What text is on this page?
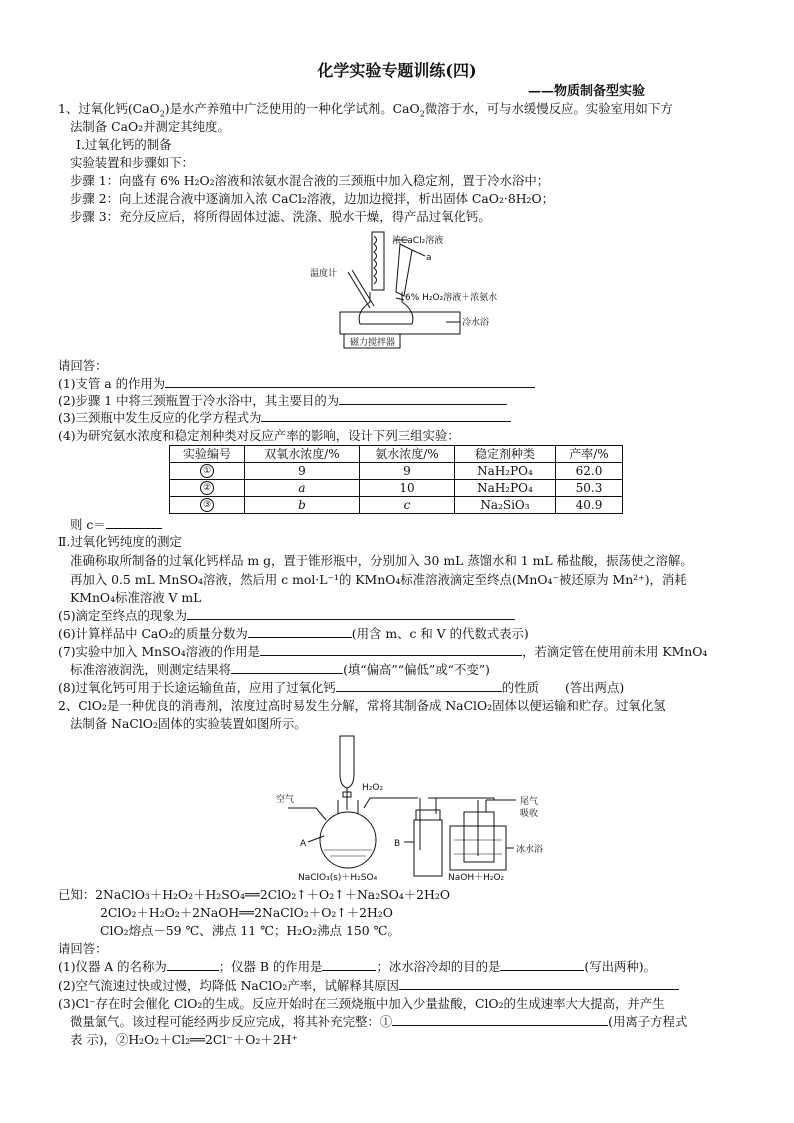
化学实验专题训练(四)
——物质制备型实验
1、过氧化钙(CaO$_2$)是水产养殖中广泛使用的一种化学试剂。CaO$_2$微溶于水，可与水缓慢反应。实验室用如下方
法制备 CaO₂并测定其纯度。
Ⅰ.过氧化钙的制备
实验装置和步骤如下：
步骤 1：向盛有 6% H₂O₂溶液和浓氨水混合液的三颈瓶中加入稳定剂，置于冷水浴中；
步骤 2：向上述混合液中逐滴加入浓 CaCl₂溶液，边加边搅拌，析出固体 CaO₂·8H₂O；
步骤 3：充分反应后，将所得固体过滤、洗涤、脱水干燥，得产品过氧化钙。
浓CaCl₂溶液
a
温度计
6% H₂O₂溶液＋浓氨水
冷水浴
磁力搅拌器
请回答：
(1)支管 a 的作用为
(2)步骤 1 中将三颈瓶置于冷水浴中，其主要目的为
(3)三颈瓶中发生反应的化学方程式为
(4)为研究氨水浓度和稳定剂种类对反应产率的影响，设计下列三组实验：
实验编号	双氧水浓度/%	氨水浓度/%	稳定剂种类	产率/%
①	9	9	NaH₂PO₄	62.0
②	a	10	NaH₂PO₄	50.3
③	b	c	Na₂SiO₃	40.9
则 c＝
Ⅱ.过氧化钙纯度的测定
准确称取所制备的过氧化钙样品 m g，置于锥形瓶中，分别加入 30 mL 蒸馏水和 1 mL 稀盐酸，振荡使之溶解。
再加入 0.5 mL MnSO₄溶液，然后用 c mol·L⁻¹的 KMnO₄标准溶液滴定至终点(MnO₄⁻被还原为 Mn²⁺)，消耗
KMnO₄标准溶液 V mL
(5)滴定至终点的现象为
(6)计算样品中 CaO₂的质量分数为	(用含 m、c 和 V 的代数式表示)
(7)实验中加入 MnSO₄溶液的作用是	，若滴定管在使用前未用 KMnO₄
标准溶液润洗，则测定结果将	(填“偏高”“偏低”或“不变”)
(8)过氧化钙可用于长途运输鱼苗，应用了过氧化钙	的性质 (答出两点)
2、ClO₂是一种优良的消毒剂，浓度过高时易发生分解，常将其制备成 NaClO₂固体以便运输和贮存。过氧化氢
法制备 NaClO₂固体的实验装置如图所示。
H₂O₂
空气	尾气
吸收
A	B
冰水浴
NaClO₃(s)＋H₂SO₄	NaOH＋H₂O₂
已知：2NaClO₃＋H₂O₂＋H₂SO₄══2ClO₂↑＋O₂↑＋Na₂SO₄＋2H₂O
2ClO₂＋H₂O₂＋2NaOH══2NaClO₂＋O₂↑＋2H₂O
ClO₂熔点－59 ℃、沸点 11 ℃；H₂O₂沸点 150 ℃。
请回答：
(1)仪器 A 的名称为	；仪器 B 的作用是	；冰水浴冷却的目的是	(写出两种)。
(2)空气流速过快或过慢，均降低 NaClO₂产率，试解释其原因
(3)Cl⁻存在时会催化 ClO₂的生成。反应开始时在三颈烧瓶中加入少量盐酸，ClO₂的生成速率大大提高，并产生
微量氯气。该过程可能经两步反应完成，将其补充完整：①	(用离子方程式
表 示)，②H₂O₂＋Cl₂══2Cl⁻＋O₂＋2H⁺
